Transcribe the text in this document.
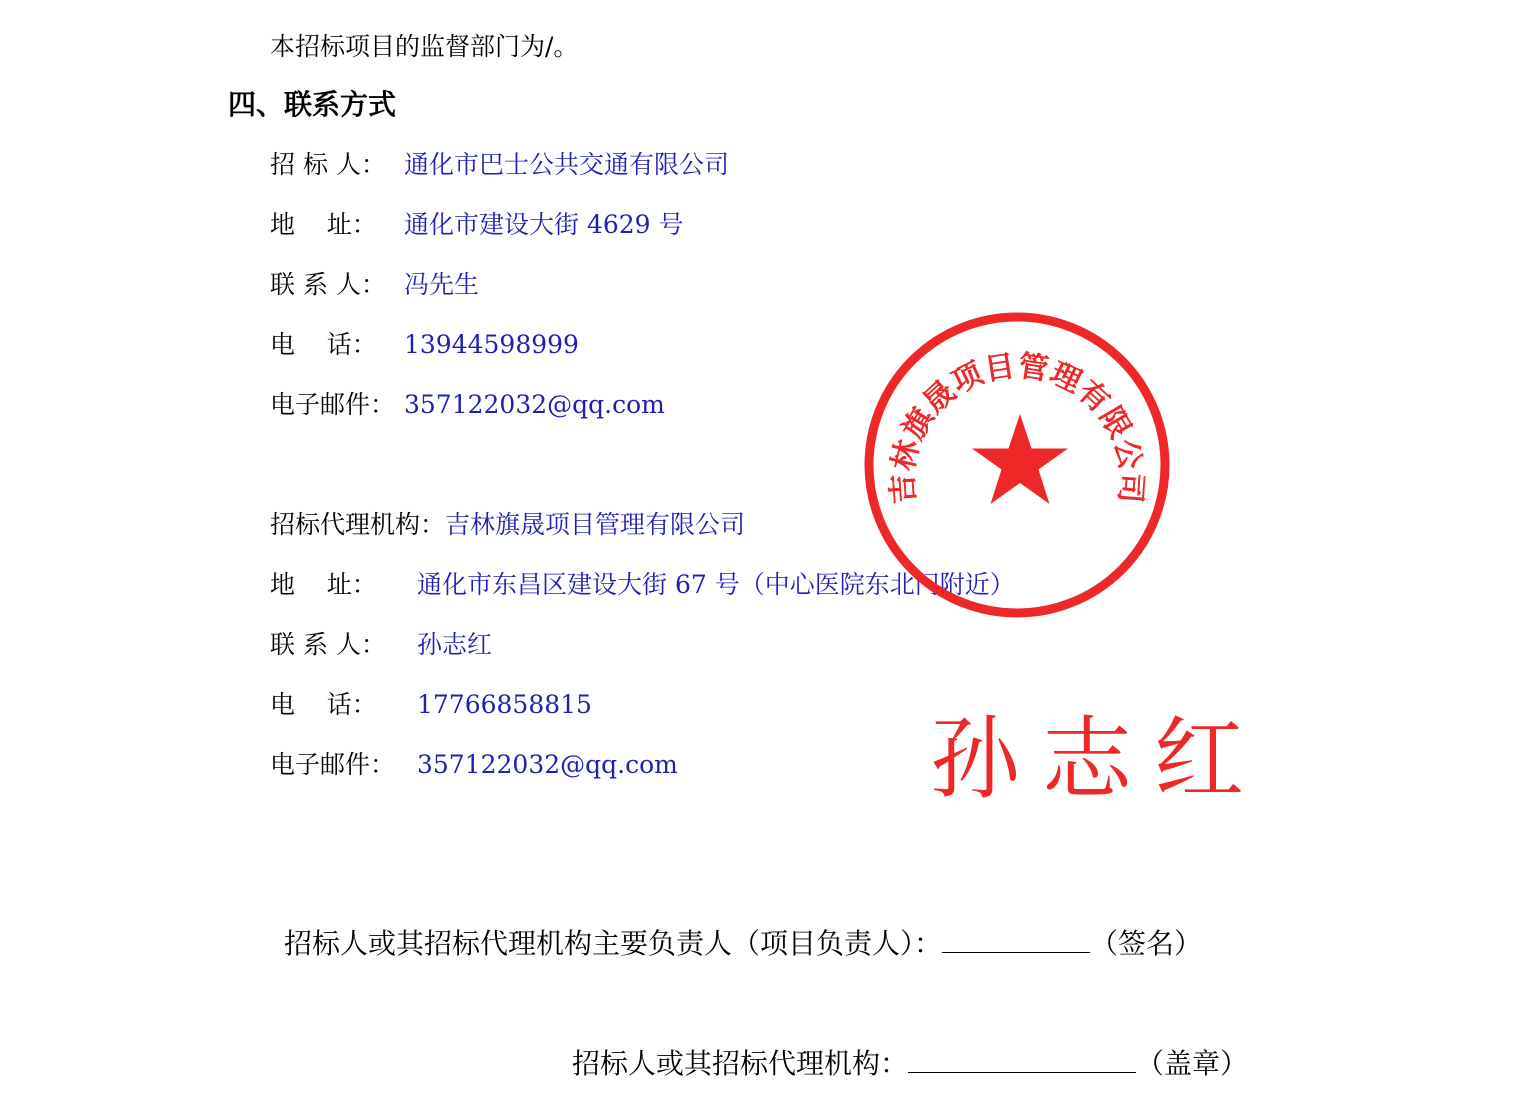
本招标项目的监督部门为/。
四、联系方式
招 标 人： 通化市巴士公共交通有限公司
地    址： 通化市建设大街 4629 号
联 系 人： 冯先生
电    话： 13944598999
电子邮件： 357122032@qq.com
招标代理机构：吉林旗晟项目管理有限公司
地    址： 通化市东昌区建设大街 67 号（中心医院东北门附近）
联 系 人： 孙志红
电    话： 17766858815
电子邮件： 357122032@qq.com
吉林旗晟项目管理有限公司
孙志红
招标人或其招标代理机构主要负责人（项目负责人）：	（签名）
招标人或其招标代理机构：	（盖章）
